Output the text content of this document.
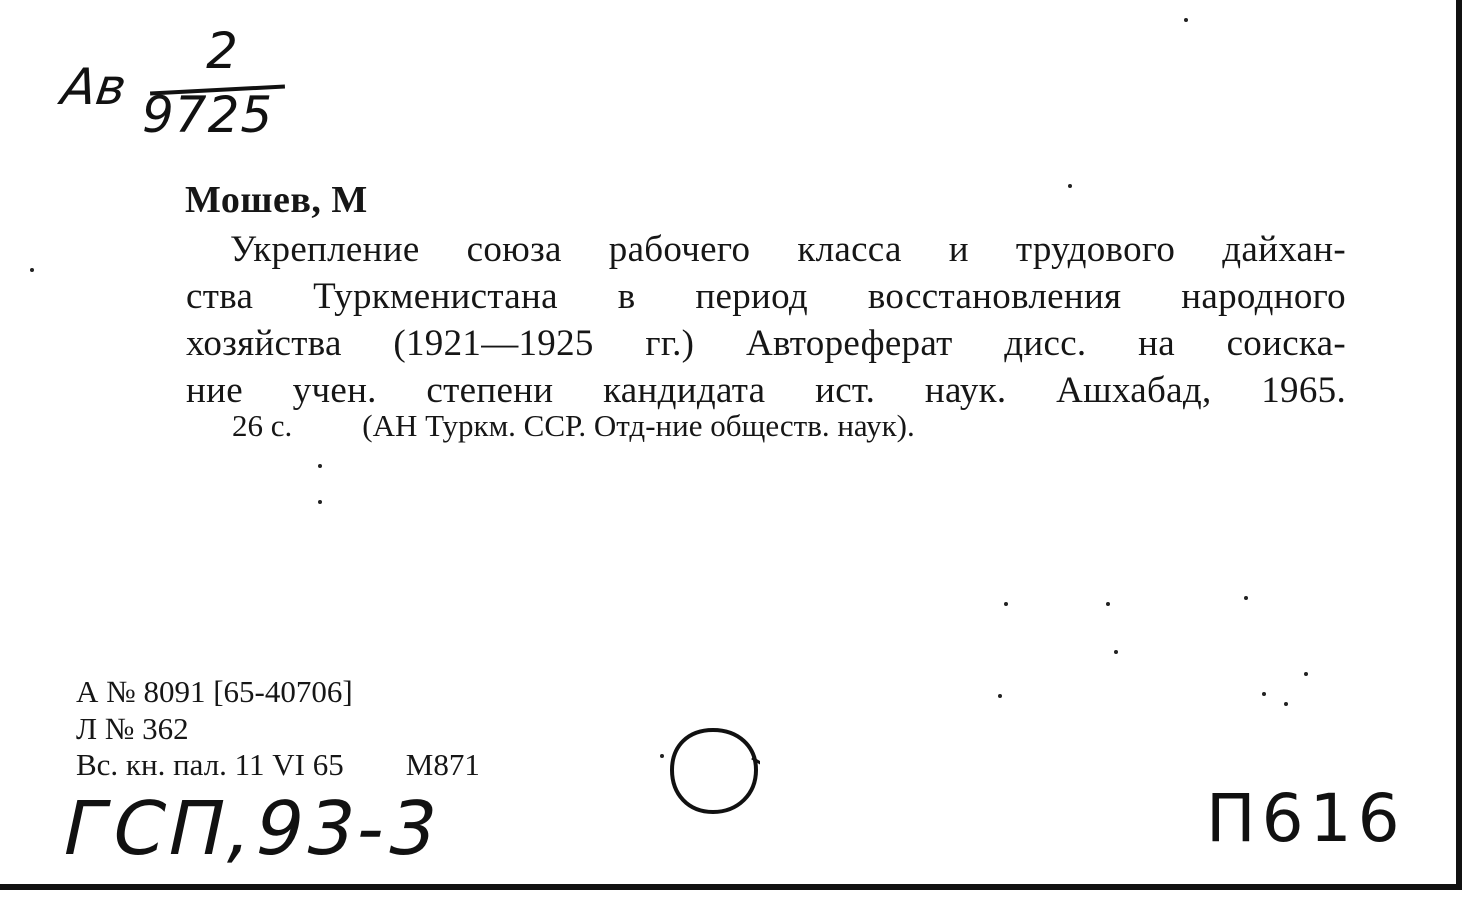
Ав
2
9725
Мошев, М
Укрепление союза рабочего класса и трудового дайхан-
ства Туркменистана в период восстановления народного
хозяйства (1921—1925 гг.) Автореферат дисс. на соиска-
ние учен. степени кандидата ист. наук. Ашхабад, 1965.
26 с. (АН Туркм. ССР. Отд-ние обществ. наук).
А № 8091 [65-40706]
Л № 362
Вс. кн. пал. 11 VI 65 М871
ГСП,93-3	П616
